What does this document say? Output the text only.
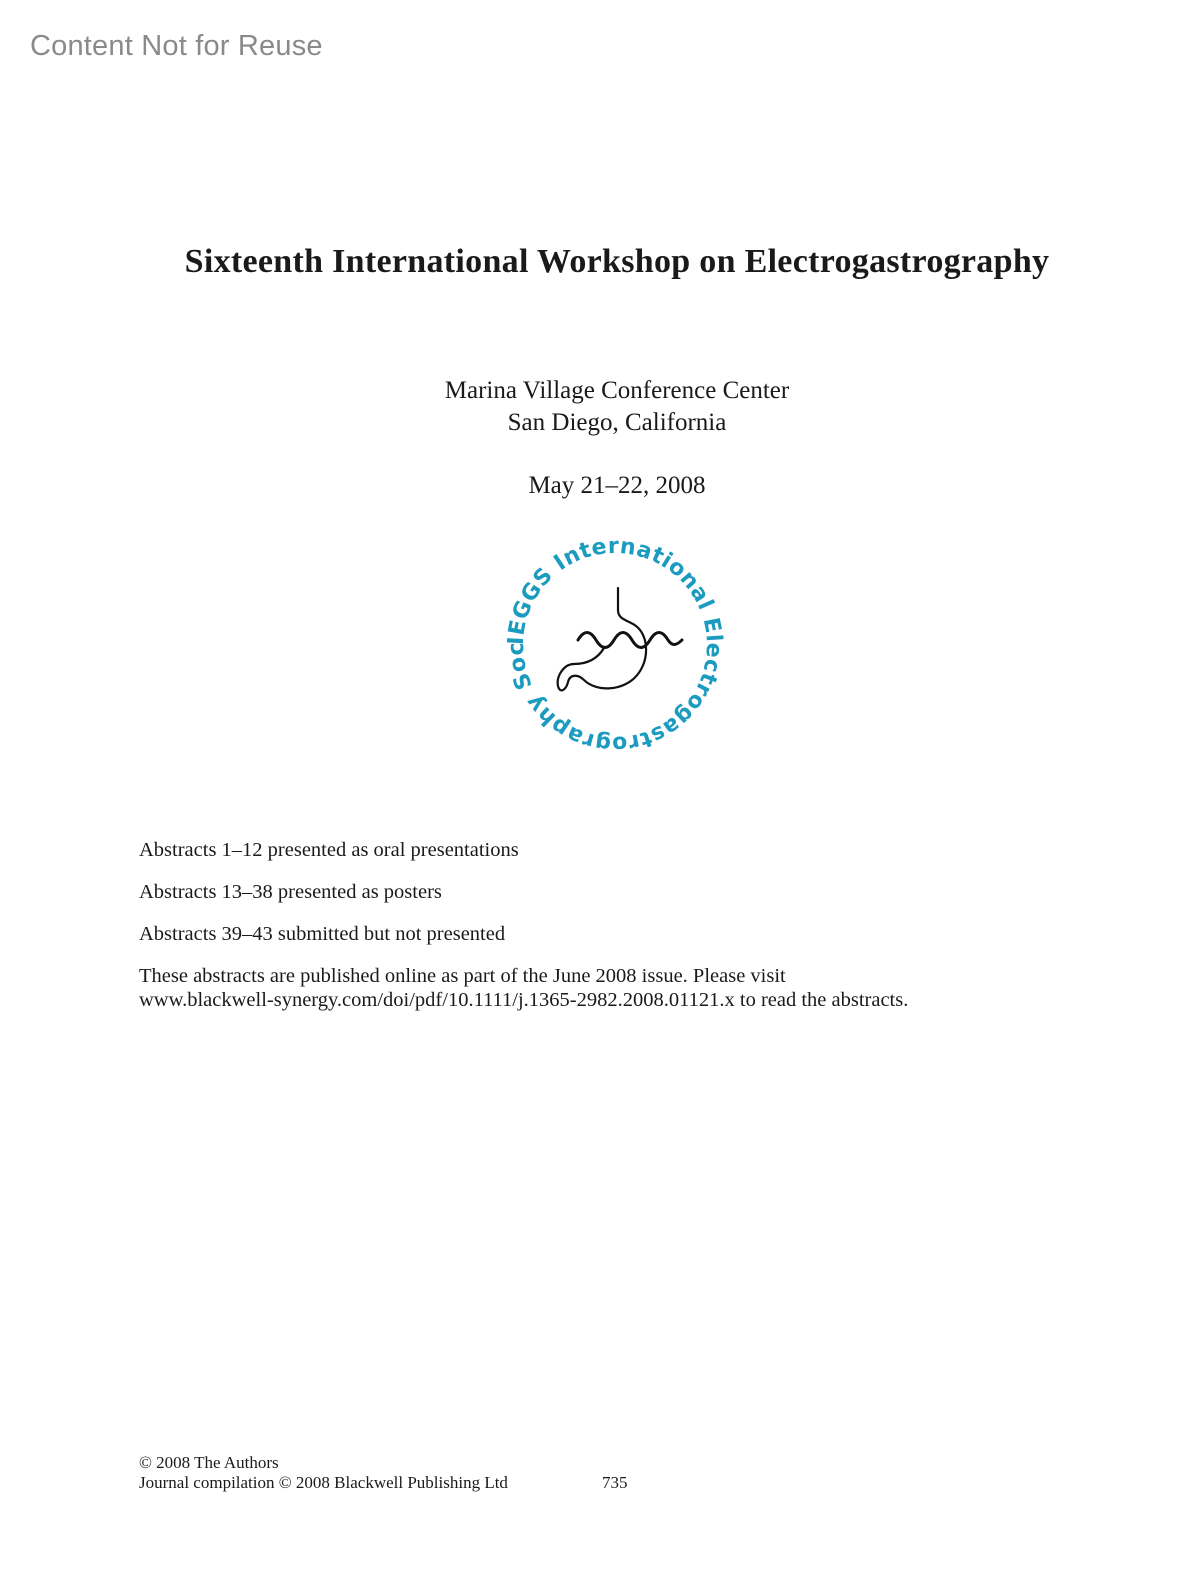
Content Not for Reuse
Sixteenth International Workshop on Electrogastrography
Marina Village Conference Center
San Diego, California
May 21–22, 2008
IEGGS International Electrogastrography Soc

Abstracts 1–12 presented as oral presentations

Abstracts 13–38 presented as posters

Abstracts 39–43 submitted but not presented

These abstracts are published online as part of the June 2008 issue. Please visit
www.blackwell-synergy.com/doi/pdf/10.1111/j.1365-2982.2008.01121.x to read the abstracts.
© 2008 The Authors
Journal compilation © 2008 Blackwell Publishing Ltd	735
